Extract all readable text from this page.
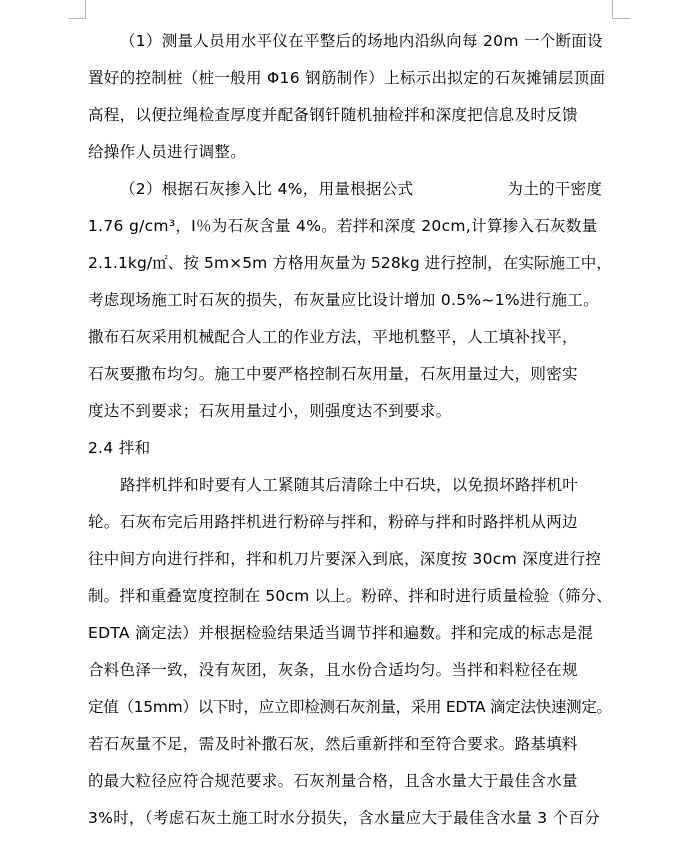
（1）测量人员用水平仪在平整后的场地内沿纵向每 20m 一个断面设
置好的控制桩（桩一般用 Φ16 钢筋制作）上标示出拟定的石灰摊铺层顶面
高程，以便拉绳检查厚度并配备钢钎随机抽检拌和深度把信息及时反馈
给操作人员进行调整。
（2）根据石灰掺入比 4%，用量根据公式	为土的干密度
1.76 g/cm³，I％为石灰含量 4%。若拌和深度 20cm,计算掺入石灰数量
2.1.1kg/㎡、按 5m×5m 方格用灰量为 528kg 进行控制，在实际施工中，
考虑现场施工时石灰的损失，布灰量应比设计增加 0.5%~1%进行施工。
撒布石灰采用机械配合人工的作业方法，平地机整平，人工填补找平，
石灰要撒布均匀。施工中要严格控制石灰用量，石灰用量过大，则密实
度达不到要求；石灰用量过小，则强度达不到要求。
2.4 拌和
路拌机拌和时要有人工紧随其后清除土中石块，以免损坏路拌机叶
轮。石灰布完后用路拌机进行粉碎与拌和，粉碎与拌和时路拌机从两边
往中间方向进行拌和，拌和机刀片要深入到底，深度按 30cm 深度进行控
制。拌和重叠宽度控制在 50cm 以上。粉碎、拌和时进行质量检验（筛分、
EDTA 滴定法）并根据检验结果适当调节拌和遍数。拌和完成的标志是混
合料色泽一致，没有灰团，灰条，且水份合适均匀。当拌和料粒径在规
定值（15mm）以下时，应立即检测石灰剂量，采用 EDTA 滴定法快速测定。
若石灰量不足，需及时补撒石灰，然后重新拌和至符合要求。路基填料
的最大粒径应符合规范要求。石灰剂量合格，且含水量大于最佳含水量
3%时，（考虑石灰土施工时水分损失，含水量应大于最佳含水量 3 个百分
